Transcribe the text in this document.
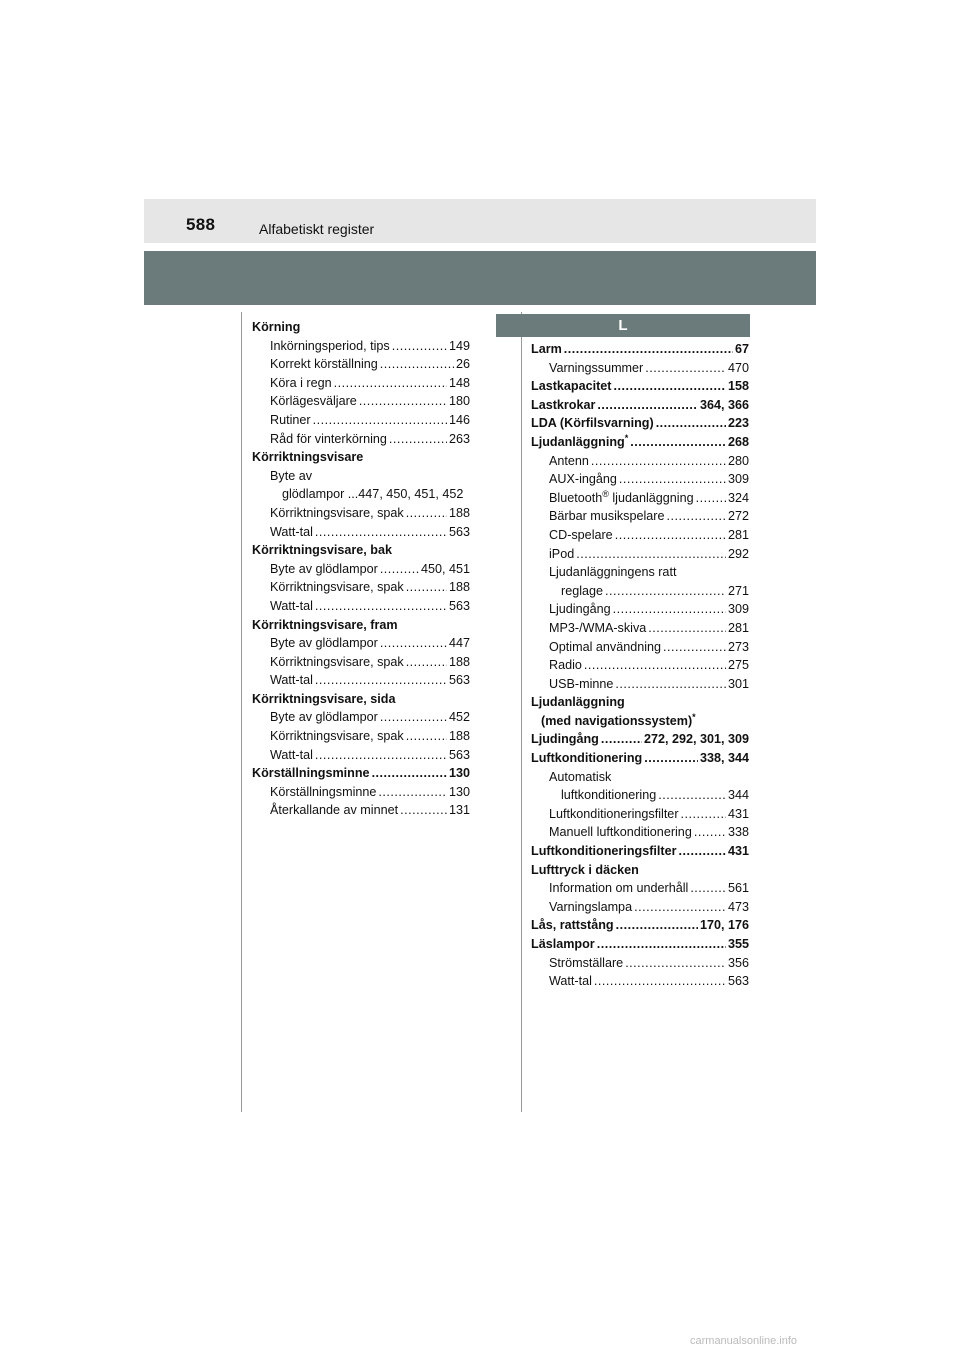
588	Alfabetiskt register
Körning
Inkörningsperiod, tips .....	149
Korrekt körställning .....	26
Köra i regn .....	148
Körlägesväljare .....	180
Rutiner .....	146
Råd för vinterkörning .....	263
Körriktningsvisare
Byte av
glödlampor ...447, 450, 451, 452
Körriktningsvisare, spak .....	188
Watt-tal .....	563
Körriktningsvisare, bak
Byte av glödlampor .....	450, 451
Körriktningsvisare, spak .....	188
Watt-tal .....	563
Körriktningsvisare, fram
Byte av glödlampor .....	447
Körriktningsvisare, spak .....	188
Watt-tal .....	563
Körriktningsvisare, sida
Byte av glödlampor .....	452
Körriktningsvisare, spak .....	188
Watt-tal .....	563
Körställningsminne .....	130
Körställningsminne .....	130
Återkallande av minnet .....	131
L
Larm .....	67
Varningssummer .....	470
Lastkapacitet .....	158
Lastkrokar .....	364, 366
LDA (Körfilsvarning) .....	223
Ljudanläggning* .....	268
Antenn .....	280
AUX-ingång .....	309
Bluetooth® ljudanläggning .....	324
Bärbar musikspelare .....	272
CD-spelare .....	281
iPod .....	292
Ljudanläggningens ratt
reglage .....	271
Ljudingång .....	309
MP3-/WMA-skiva .....	281
Optimal användning .....	273
Radio .....	275
USB-minne .....	301
Ljudanläggning
(med navigationssystem)*
Ljudingång .....	272, 292, 301, 309
Luftkonditionering .....	338, 344
Automatisk
luftkonditionering .....	344
Luftkonditioneringsfilter .....	431
Manuell luftkonditionering .....	338
Luftkonditioneringsfilter .....	431
Lufttryck i däcken
Information om underhåll .....	561
Varningslampa .....	473
Lås, rattstång .....	170, 176
Läslampor .....	355
Strömställare .....	356
Watt-tal .....	563
carmanualsonline.info
